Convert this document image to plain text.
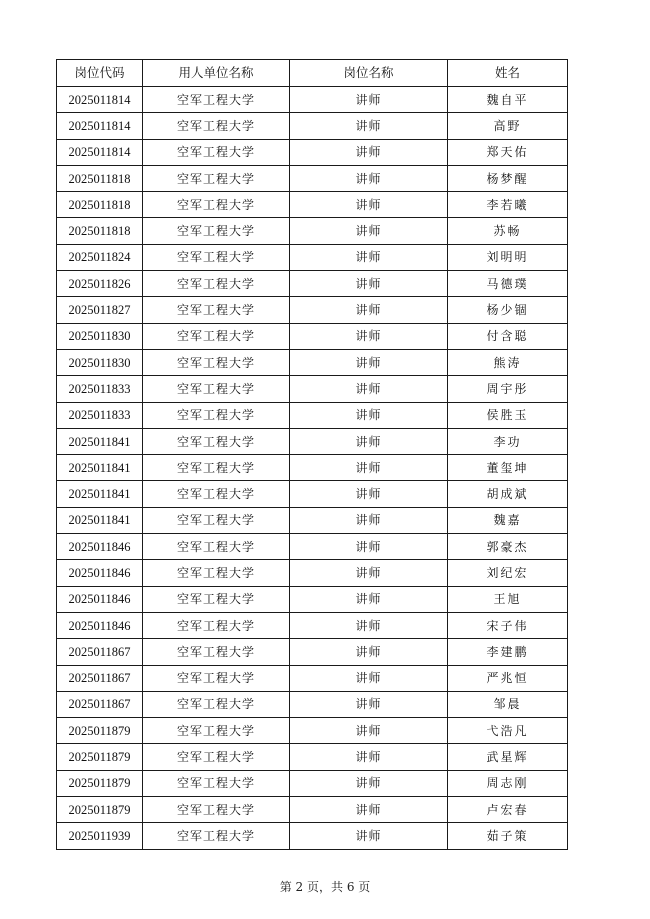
岗位代码	用人单位名称	岗位名称	姓名
2025011814	空军工程大学	讲师	魏自平
2025011814	空军工程大学	讲师	高野
2025011814	空军工程大学	讲师	郑天佑
2025011818	空军工程大学	讲师	杨梦醒
2025011818	空军工程大学	讲师	李若曦
2025011818	空军工程大学	讲师	苏畅
2025011824	空军工程大学	讲师	刘明明
2025011826	空军工程大学	讲师	马德璞
2025011827	空军工程大学	讲师	杨少锢
2025011830	空军工程大学	讲师	付含聪
2025011830	空军工程大学	讲师	熊涛
2025011833	空军工程大学	讲师	周宇彤
2025011833	空军工程大学	讲师	侯胜玉
2025011841	空军工程大学	讲师	李功
2025011841	空军工程大学	讲师	董玺坤
2025011841	空军工程大学	讲师	胡成斌
2025011841	空军工程大学	讲师	魏嘉
2025011846	空军工程大学	讲师	郭豪杰
2025011846	空军工程大学	讲师	刘纪宏
2025011846	空军工程大学	讲师	王旭
2025011846	空军工程大学	讲师	宋子伟
2025011867	空军工程大学	讲师	李建鹏
2025011867	空军工程大学	讲师	严兆恒
2025011867	空军工程大学	讲师	邹晨
2025011879	空军工程大学	讲师	弋浩凡
2025011879	空军工程大学	讲师	武星辉
2025011879	空军工程大学	讲师	周志刚
2025011879	空军工程大学	讲师	卢宏春
2025011939	空军工程大学	讲师	茹子策
第 2 页，共 6 页
